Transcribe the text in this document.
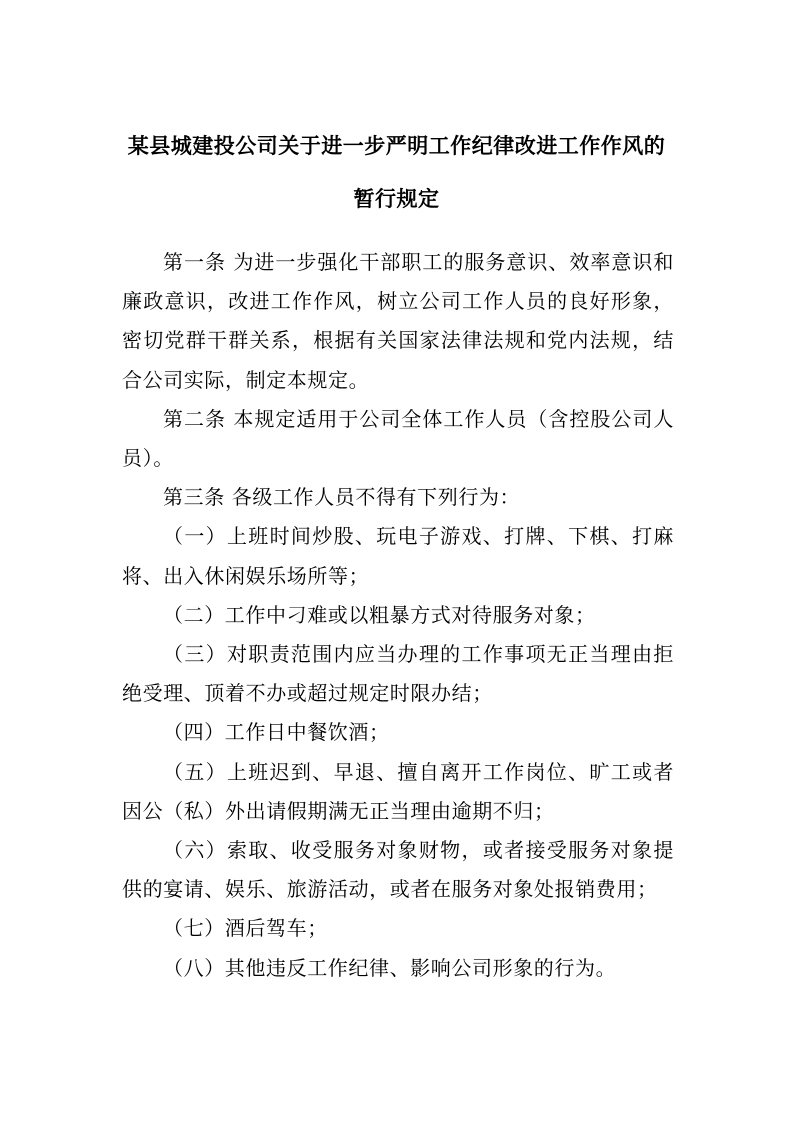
某县城建投公司关于进一步严明工作纪律改进工作作风的
暂行规定

第一条 为进一步强化干部职工的服务意识、效率意识和廉政意识，改进工作作风，树立公司工作人员的良好形象，密切党群干群关系，根据有关国家法律法规和党内法规，结合公司实际，制定本规定。

第二条 本规定适用于公司全体工作人员（含控股公司人员）。

第三条 各级工作人员不得有下列行为：

（一）上班时间炒股、玩电子游戏、打牌、下棋、打麻将、出入休闲娱乐场所等；

（二）工作中刁难或以粗暴方式对待服务对象；

（三）对职责范围内应当办理的工作事项无正当理由拒绝受理、顶着不办或超过规定时限办结；

（四）工作日中餐饮酒；

（五）上班迟到、早退、擅自离开工作岗位、旷工或者因公（私）外出请假期满无正当理由逾期不归；

（六）索取、收受服务对象财物，或者接受服务对象提供的宴请、娱乐、旅游活动，或者在服务对象处报销费用；

（七）酒后驾车；

（八）其他违反工作纪律、影响公司形象的行为。
